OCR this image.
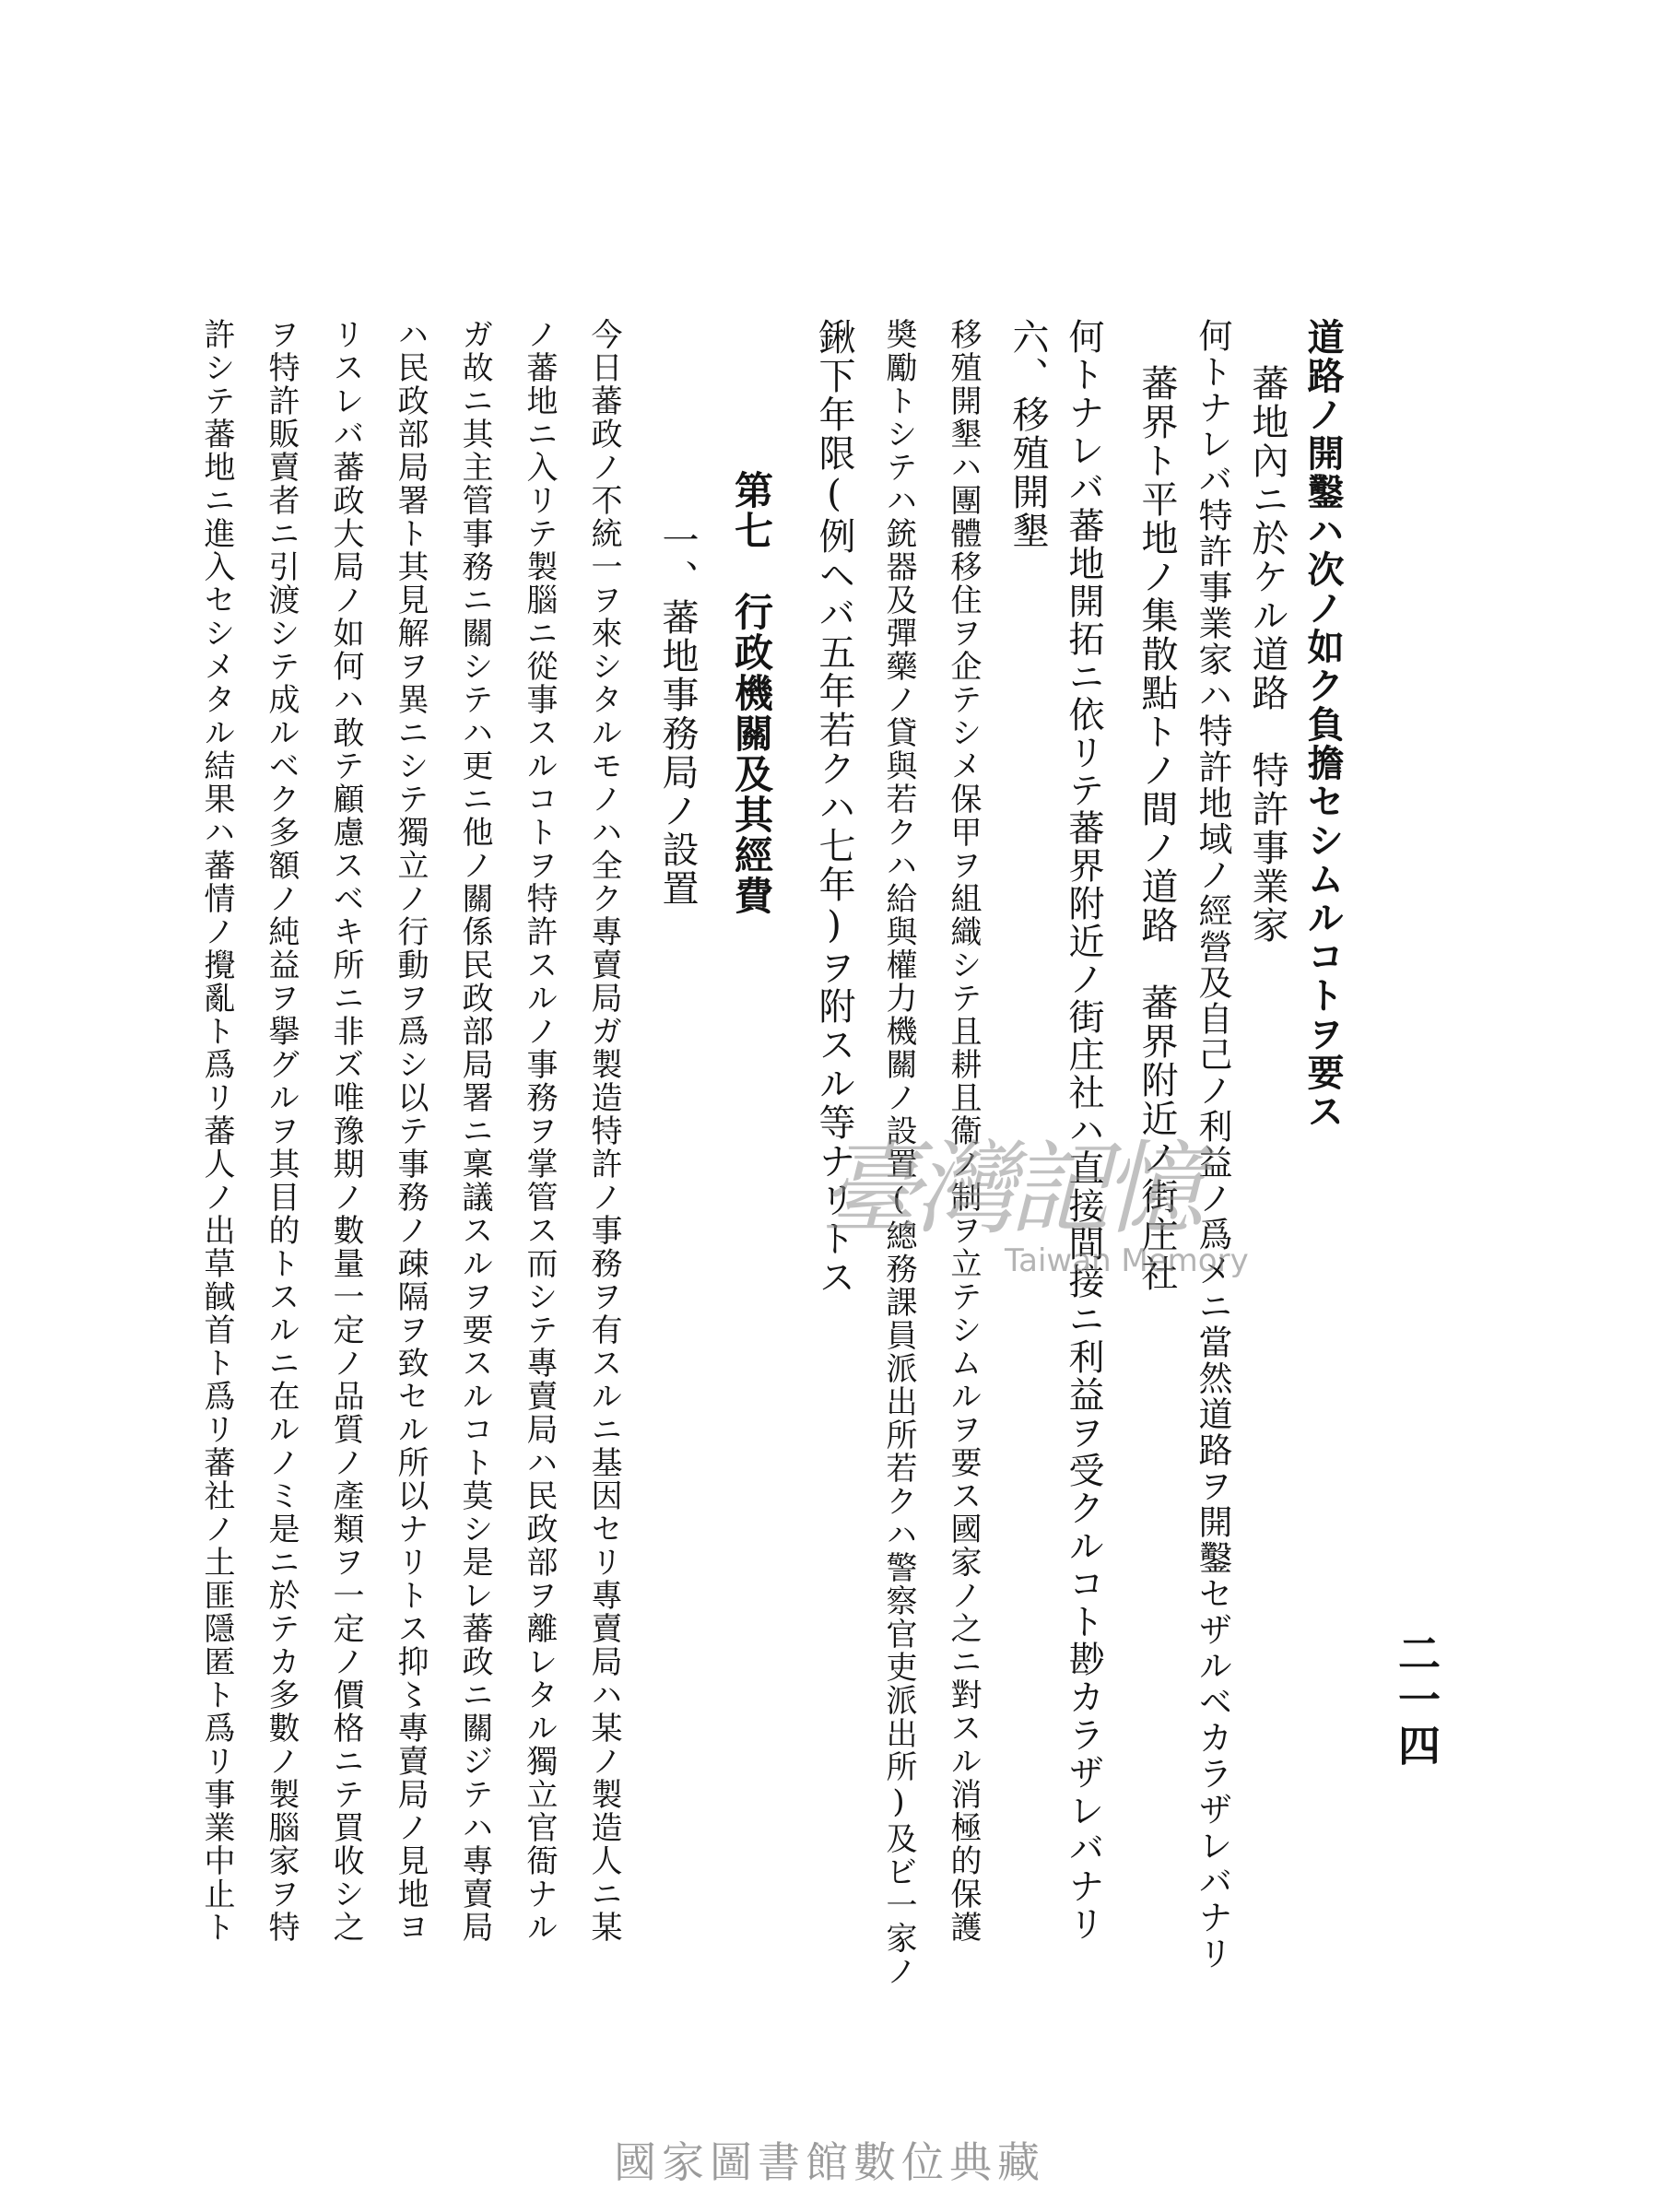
二一四
道路ノ開鑿ハ次ノ如ク負擔セシムルコトヲ要ス
蕃地內ニ於ケル道路　特許事業家
何トナレバ特許事業家ハ特許地域ノ經營及自己ノ利益ノ爲メニ當然道路ヲ開鑿セザルベカラザレバナリ
蕃界ト平地ノ集散點トノ間ノ道路　蕃界附近ノ街庄社
何トナレバ蕃地開拓ニ依リテ蕃界附近ノ街庄社ハ直接間接ニ利益ヲ受クルコト尠カラザレバナリ
六、移殖開墾
移殖開墾ハ團體移住ヲ企テシメ保甲ヲ組織シテ且耕且衞ノ制ヲ立テシムルヲ要ス國家ノ之ニ對スル消極的保護
奬勵トシテハ銃器及彈藥ノ貸與若クハ給與權力機關ノ設置(總務課員派出所若クハ警察官吏派出所)及ビ一家ノ
鍬下年限(例ヘバ五年若クハ七年)ヲ附スル等ナリトス
第七　行政機關及其經費
一、蕃地事務局ノ設置
今日蕃政ノ不統一ヲ來シタルモノハ全ク專賣局ガ製造特許ノ事務ヲ有スルニ基因セリ專賣局ハ某ノ製造人ニ某
ノ蕃地ニ入リテ製腦ニ從事スルコトヲ特許スルノ事務ヲ掌管ス而シテ專賣局ハ民政部ヲ離レタル獨立官衙ナル
ガ故ニ其主管事務ニ關シテハ更ニ他ノ關係民政部局署ニ稟議スルヲ要スルコト莫シ是レ蕃政ニ關ジテハ專賣局
ハ民政部局署ト其見解ヲ異ニシテ獨立ノ行動ヲ爲シ以テ事務ノ疎隔ヲ致セル所以ナリトス抑〻專賣局ノ見地ヨ
リスレバ蕃政大局ノ如何ハ敢テ顧慮スベキ所ニ非ズ唯豫期ノ數量一定ノ品質ノ產類ヲ一定ノ價格ニテ買收シ之
ヲ特許販賣者ニ引渡シテ成ルベク多額ノ純益ヲ擧グルヲ其目的トスルニ在ルノミ是ニ於テカ多數ノ製腦家ヲ特
許シテ蕃地ニ進入セシメタル結果ハ蕃情ノ攪亂ト爲リ蕃人ノ出草馘首ト爲リ蕃社ノ土匪隱匿ト爲リ事業中止ト	臺灣記憶
Taiwan Memory
國家圖書館數位典藏
